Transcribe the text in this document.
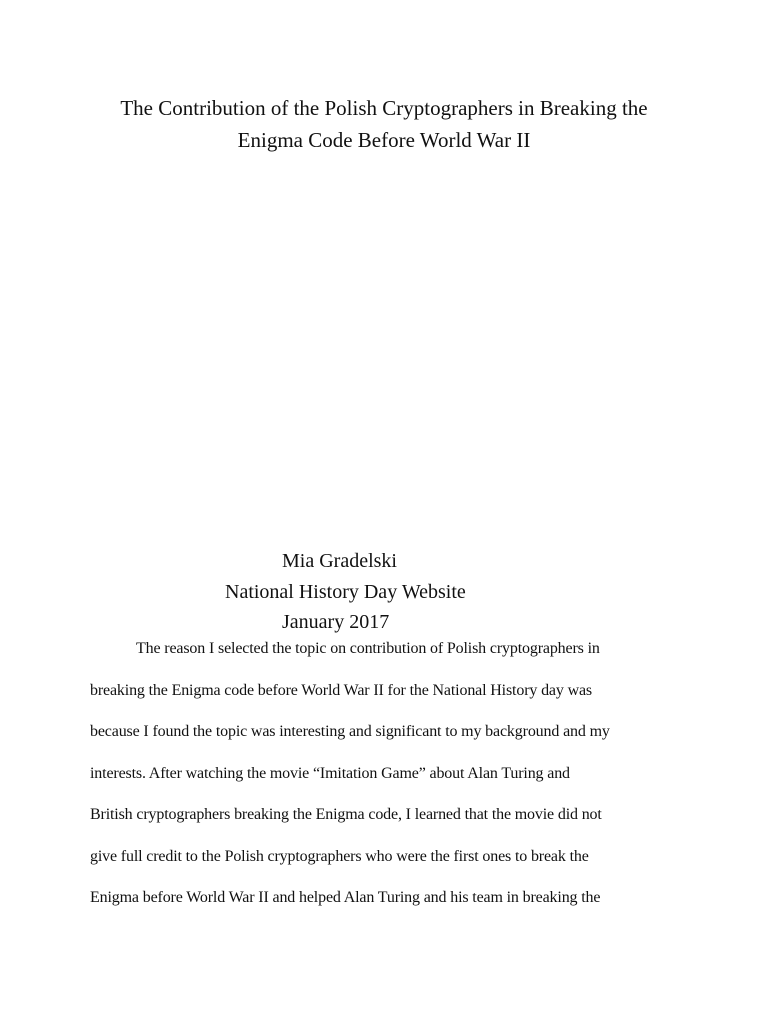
The Contribution of the Polish Cryptographers in Breaking the
Enigma Code Before World War II
Mia Gradelski
National History Day Website
January 2017
The reason I selected the topic on contribution of Polish cryptographers in
breaking the Enigma code before World War II for the National History day was
because I found the topic was interesting and significant to my background and my
interests. After watching the movie “Imitation Game” about Alan Turing and
British cryptographers breaking the Enigma code, I learned that the movie did not
give full credit to the Polish cryptographers who were the first ones to break the
Enigma before World War II and helped Alan Turing and his team in breaking the
